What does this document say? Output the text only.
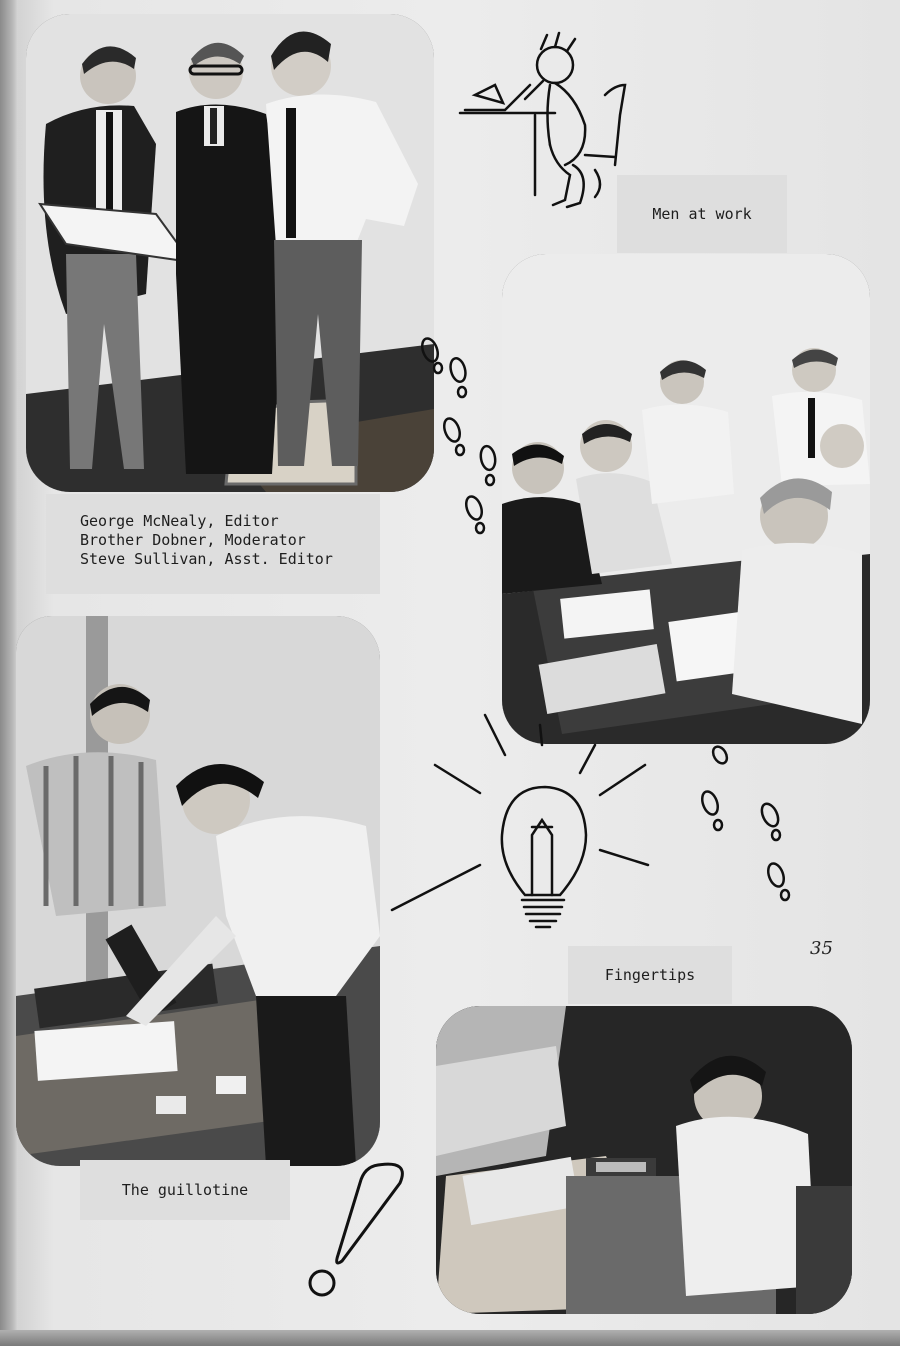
George McNealy, Editor
Brother Dobner, Moderator
Steve Sullivan, Asst. Editor
Men at work
35
Fingertips
The guillotine
